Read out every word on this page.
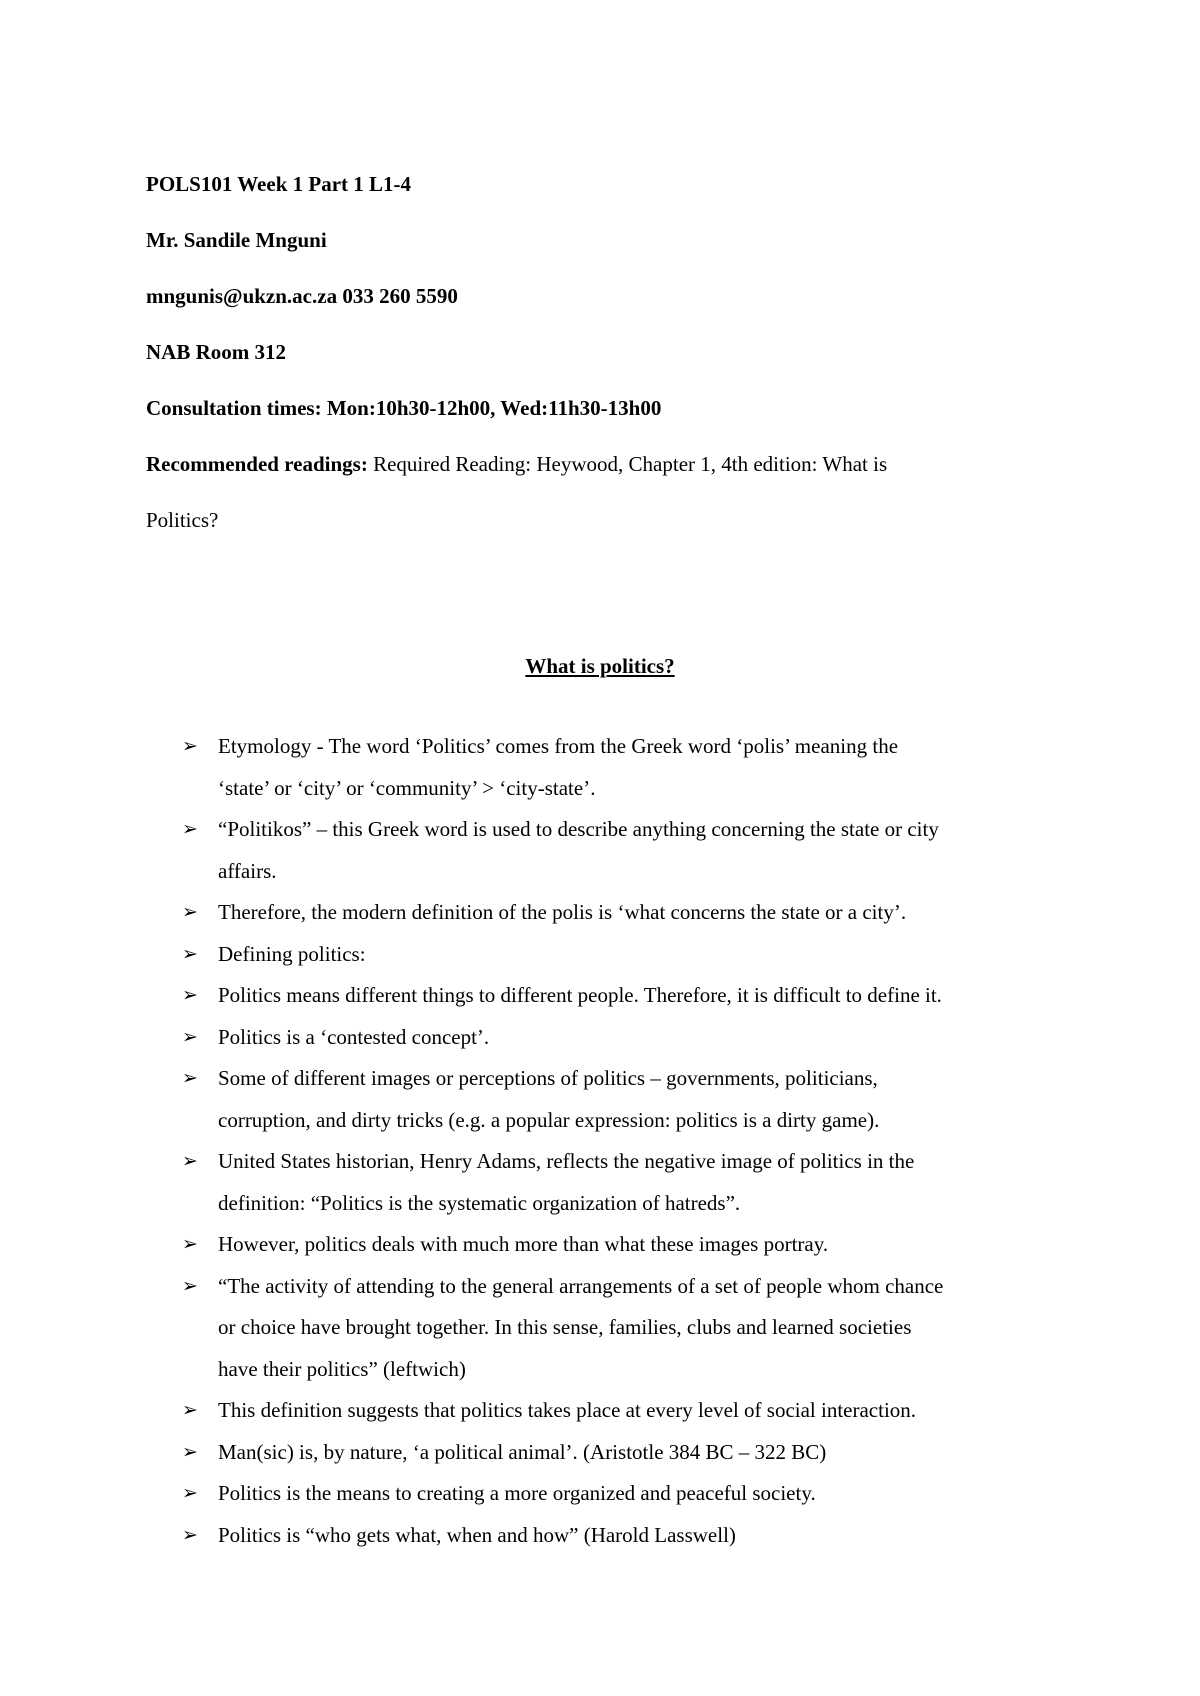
POLS101 Week 1 Part 1 L1-4

Mr. Sandile Mnguni

mngunis@ukzn.ac.za 033 260 5590

NAB Room 312

Consultation times: Mon:10h30-12h00, Wed:11h30-13h00

Recommended readings: Required Reading: Heywood, Chapter 1, 4th edition: What is
Politics?

What is politics?
➢ Etymology - The word ‘Politics’ comes from the Greek word ‘polis’ meaning the
‘state’ or ‘city’ or ‘community’ > ‘city-state’.
➢ “Politikos” – this Greek word is used to describe anything concerning the state or city
affairs.
➢ Therefore, the modern definition of the polis is ‘what concerns the state or a city’.
➢ Defining politics:
➢ Politics means different things to different people. Therefore, it is difficult to define it.
➢ Politics is a ‘contested concept’.
➢ Some of different images or perceptions of politics – governments, politicians,
corruption, and dirty tricks (e.g. a popular expression: politics is a dirty game).
➢ United States historian, Henry Adams, reflects the negative image of politics in the
definition: “Politics is the systematic organization of hatreds”.
➢ However, politics deals with much more than what these images portray.
➢ “The activity of attending to the general arrangements of a set of people whom chance
or choice have brought together. In this sense, families, clubs and learned societies
have their politics” (leftwich)
➢ This definition suggests that politics takes place at every level of social interaction.
➢ Man(sic) is, by nature, ‘a political animal’. (Aristotle 384 BC – 322 BC)
➢ Politics is the means to creating a more organized and peaceful society.
➢ Politics is “who gets what, when and how” (Harold Lasswell)
